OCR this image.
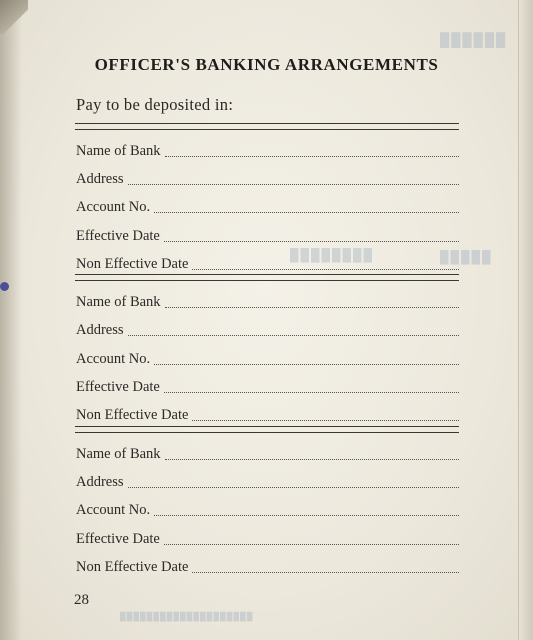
██████
████████	█████
████████████████████
OFFICER'S BANKING ARRANGEMENTS
Pay to be deposited in:
Name of Bank
Address
Account No.
Effective Date
Non Effective Date
Name of Bank
Address
Account No.
Effective Date
Non Effective Date
Name of Bank
Address
Account No.
Effective Date
Non Effective Date
28
